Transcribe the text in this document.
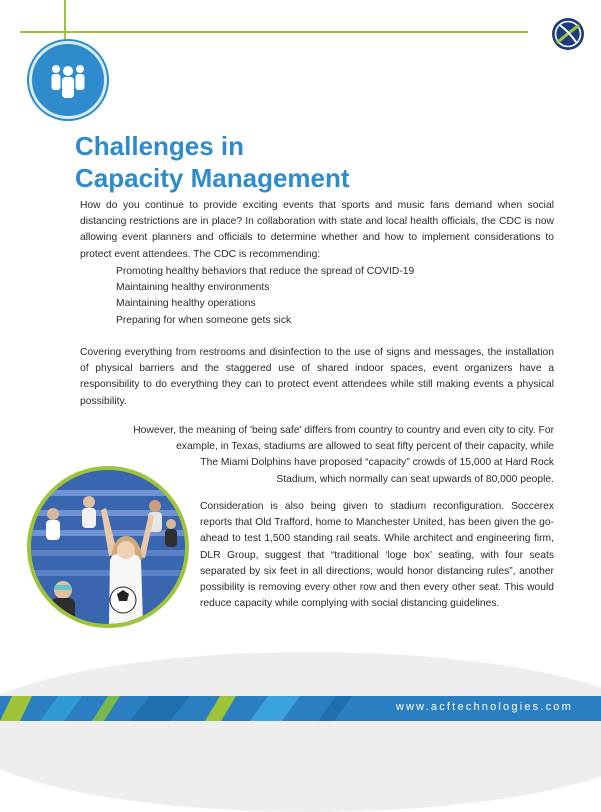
Challenges in
Capacity Management

How do you continue to provide exciting events that sports and music fans demand when social distancing restrictions are in place? In collaboration with state and local health officials, the CDC is now allowing event planners and officials to determine whether and how to implement considerations to protect event attendees. The CDC is recommending:

Promoting healthy behaviors that reduce the spread of COVID-19
Maintaining healthy environments
Maintaining healthy operations
Preparing for when someone gets sick

Covering everything from restrooms and disinfection to the use of signs and messages, the installation of physical barriers and the staggered use of shared indoor spaces, event organizers have a responsibility to do everything they can to protect event attendees while still making events a physical possibility.

However, the meaning of 'being safe' differs from country to country and even city to city. For
example, in Texas, stadiums are allowed to seat fifty percent of their capacity, while
The Miami Dolphins have proposed “capacity” crowds of 15,000 at Hard Rock
Stadium, which normally can seat upwards of 80,000 people.

Consideration is also being given to stadium reconfiguration. Soccerex reports that Old Trafford, home to Manchester United, has been given the go-ahead to test 1,500 standing rail seats. While architect and engineering firm, DLR Group, suggest that “traditional ‘loge box’ seating, with four seats separated by six feet in all directions, would honor distancing rules”, another possibility is removing every other row and then every other seat. This would reduce capacity while complying with social distancing guidelines.

www.acftechnologies.com
